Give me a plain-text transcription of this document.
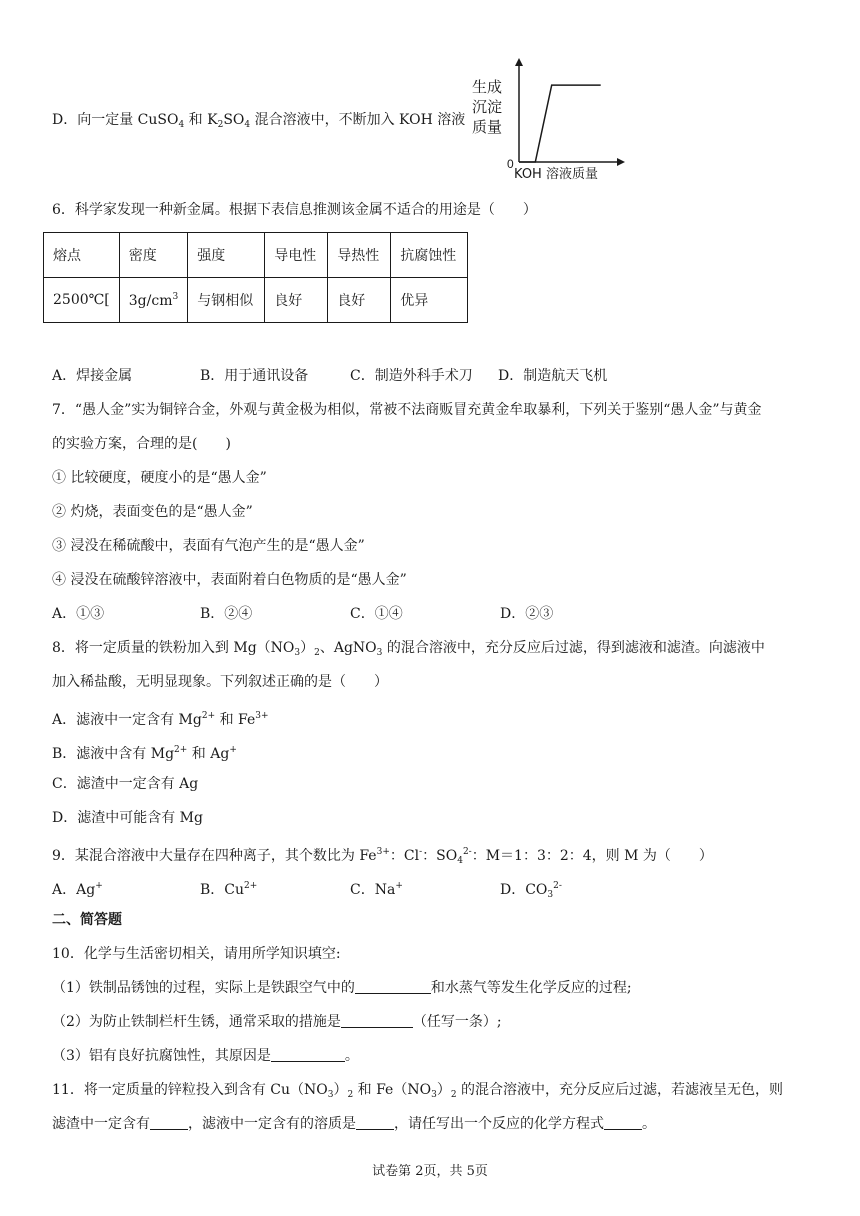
D．向一定量 CuSO$_4$ 和 $K_2SO_4$ 混合溶液中，不断加入 KOH 溶液
生成
沉淀
质量
0
KOH 溶液质量
6．科学家发现一种新金属。根据下表信息推测该金属不适合的用途是（　　）
熔点	密度	强度	导电性	导热性	抗腐蚀性
2500℃[	$3g/cm^3$	与钢相似	良好	良好	优异
A．焊接金属	B．用于通讯设备	C．制造外科手术刀 D．制造航天飞机
7．“愚人金”实为铜锌合金，外观与黄金极为相似，常被不法商贩冒充黄金牟取暴利，下列关于鉴别“愚人金”与黄金
的实验方案，合理的是(　　)
① 比较硬度，硬度小的是“愚人金”
② 灼烧，表面变色的是“愚人金”
③ 浸没在稀硫酸中，表面有气泡产生的是“愚人金”
④ 浸没在硫酸锌溶液中，表面附着白色物质的是“愚人金”
A．①③	B．②④	C．①④	D．②③
8．将一定质量的铁粉加入到 $Mg(NO_3)_2$、AgNO$_3$ 的混合溶液中，充分反应后过滤，得到滤液和滤渣。向滤液中
加入稀盐酸，无明显现象。下列叙述正确的是（　　）
A．滤液中一定含有 $Mg^{2+}$ 和 $Fe^{3+}$
B．滤液中含有 $Mg^{2+}$ 和 Ag+
C．滤渣中一定含有 Ag
D．滤渣中可能含有 Mg
9．某混合溶液中大量存在四种离子，其个数比为 $Fe^{3+}$：Cl-：$SO_4^{2-}$：M＝1：3：2：4，则 M 为（　　）
A．Ag+	B．$Cu^{2+}$	C．Na+	D．$CO_3^{2-}$
二、简答题
10．化学与生活密切相关，请用所学知识填空:
（1）铁制品锈蚀的过程，实际上是铁跟空气中的	和水蒸气等发生化学反应的过程;
（2）为防止铁制栏杆生锈，通常采取的措施是	（任写一条）;
（3）铝有良好抗腐蚀性，其原因是	。
11．将一定质量的锌粒投入到含有 $Cu(NO_3)_2$ 和 $Fe(NO_3)_2$ 的混合溶液中，充分反应后过滤，若滤液呈无色，则
滤渣中一定含有	，滤液中一定含有的溶质是	，请任写出一个反应的化学方程式	。
试卷第 2页，共 5页
